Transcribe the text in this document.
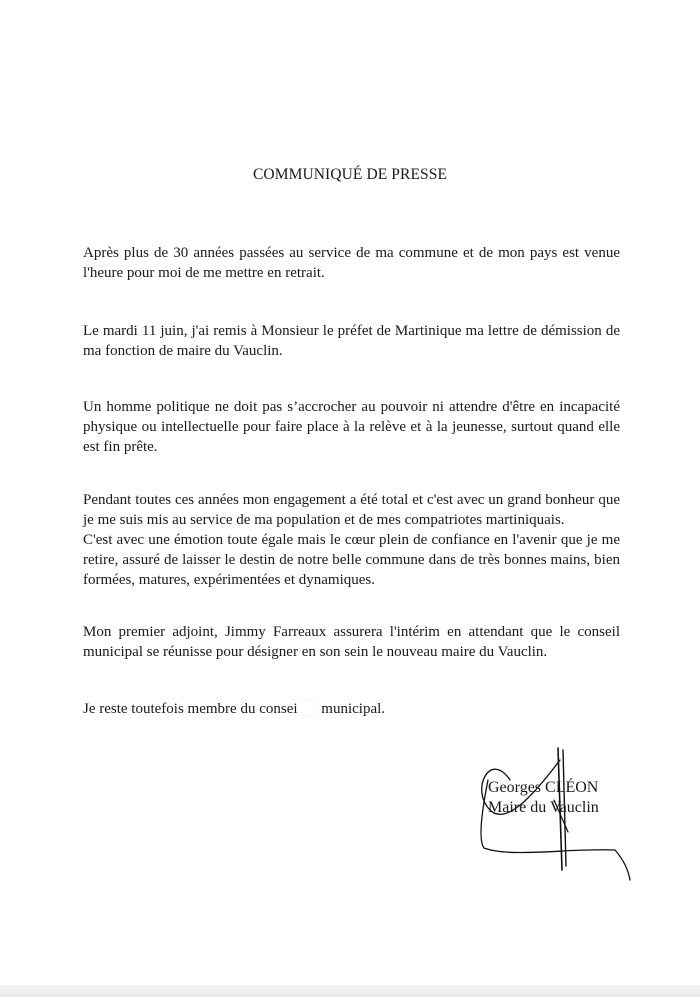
COMMUNIQUÉ DE PRESSE
Après plus de 30 années passées au service de ma commune et de mon pays est venue l'heure pour moi de me mettre en retrait.
Le mardi 11 juin, j'ai remis à Monsieur le préfet de Martinique ma lettre de démission de ma fonction de maire du Vauclin.
Un homme politique ne doit pas s’accrocher au pouvoir ni attendre d'être en incapacité physique ou intellectuelle pour faire place à la relève et à la jeunesse, surtout quand elle est fin prête.
Pendant toutes ces années mon engagement a été total et c'est avec un grand bonheur que je me suis mis au service de ma population et de mes compatriotes martiniquais.
C'est avec une émotion toute égale mais le cœur plein de confiance en l'avenir que je me retire, assuré de laisser le destin de notre belle commune dans de très bonnes mains, bien formées, matures, expérimentées et dynamiques.
Mon premier adjoint, Jimmy Farreaux assurera l'intérim en attendant que le conseil municipal se réunisse pour désigner en son sein le nouveau maire du Vauclin.
Je reste toutefois membre du consei municipal.
Georges CLÉON
Maire du Vauclin
